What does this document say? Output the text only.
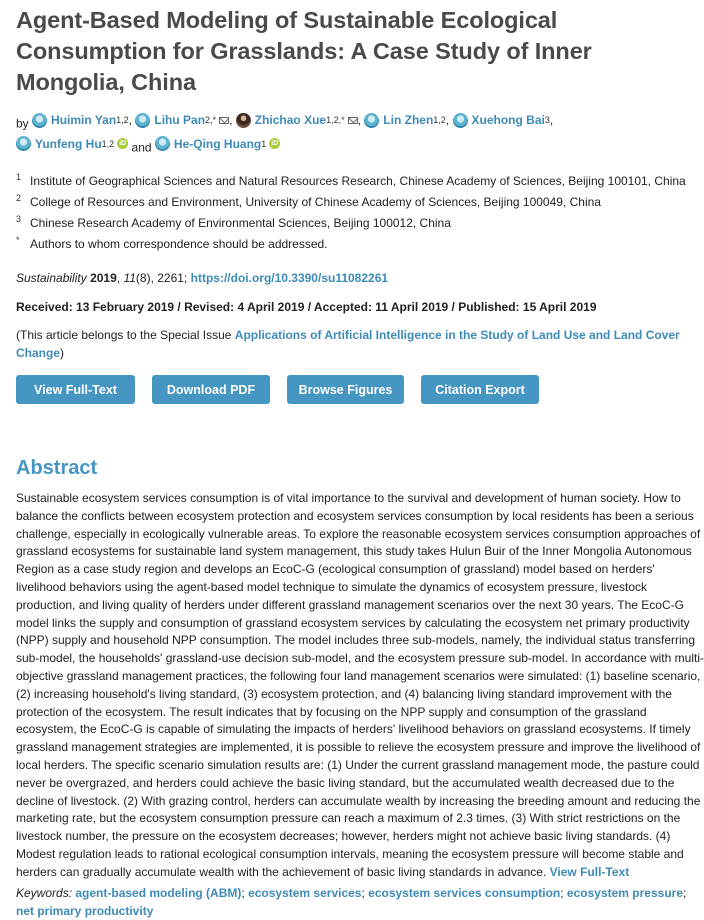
Agent-Based Modeling of Sustainable Ecological Consumption for Grasslands: A Case Study of Inner Mongolia, China
by Huimin Yan 1,2 , Lihu Pan 2,* , Zhichao Xue 1,2,* , Lin Zhen 1,2 , Xuehong Bai 3 ,

Yunfeng Hu 1,2 iD and He-Qing Huang 1 iD
1 Institute of Geographical Sciences and Natural Resources Research, Chinese Academy of Sciences, Beijing 100101, China
2 College of Resources and Environment, University of Chinese Academy of Sciences, Beijing 100049, China
3 Chinese Research Academy of Environmental Sciences, Beijing 100012, China
* Authors to whom correspondence should be addressed.
Sustainability 2019, 11(8), 2261; https://doi.org/10.3390/su11082261
Received: 13 February 2019 / Revised: 4 April 2019 / Accepted: 11 April 2019 / Published: 15 April 2019
(This article belongs to the Special Issue Applications of Artificial Intelligence in the Study of Land Use and Land Cover Change)
View Full-Text	Download PDF	Browse Figures	Citation Export
Abstract
Sustainable ecosystem services consumption is of vital importance to the survival and development of human society. How to balance the conflicts between ecosystem protection and ecosystem services consumption by local residents has been a serious challenge, especially in ecologically vulnerable areas. To explore the reasonable ecosystem services consumption approaches of grassland ecosystems for sustainable land system management, this study takes Hulun Buir of the Inner Mongolia Autonomous Region as a case study region and develops an EcoC-G (ecological consumption of grassland) model based on herders' livelihood behaviors using the agent-based model technique to simulate the dynamics of ecosystem pressure, livestock production, and living quality of herders under different grassland management scenarios over the next 30 years. The EcoC-G model links the supply and consumption of grassland ecosystem services by calculating the ecosystem net primary productivity (NPP) supply and household NPP consumption. The model includes three sub-models, namely, the individual status transferring sub-model, the households' grassland-use decision sub-model, and the ecosystem pressure sub-model. In accordance with multi-objective grassland management practices, the following four land management scenarios were simulated: (1) baseline scenario, (2) increasing household's living standard, (3) ecosystem protection, and (4) balancing living standard improvement with the protection of the ecosystem. The result indicates that by focusing on the NPP supply and consumption of the grassland ecosystem, the EcoC-G is capable of simulating the impacts of herders' livelihood behaviors on grassland ecosystems. If timely grassland management strategies are implemented, it is possible to relieve the ecosystem pressure and improve the livelihood of local herders. The specific scenario simulation results are: (1) Under the current grassland management mode, the pasture could never be overgrazed, and herders could achieve the basic living standard, but the accumulated wealth decreased due to the decline of livestock. (2) With grazing control, herders can accumulate wealth by increasing the breeding amount and reducing the marketing rate, but the ecosystem consumption pressure can reach a maximum of 2.3 times. (3) With strict restrictions on the livestock number, the pressure on the ecosystem decreases; however, herders might not achieve basic living standards. (4) Modest regulation leads to rational ecological consumption intervals, meaning the ecosystem pressure will become stable and herders can gradually accumulate wealth with the achievement of basic living standards in advance. View Full-Text
Keywords: agent-based modeling (ABM); ecosystem services; ecosystem services consumption; ecosystem pressure; net primary productivity
